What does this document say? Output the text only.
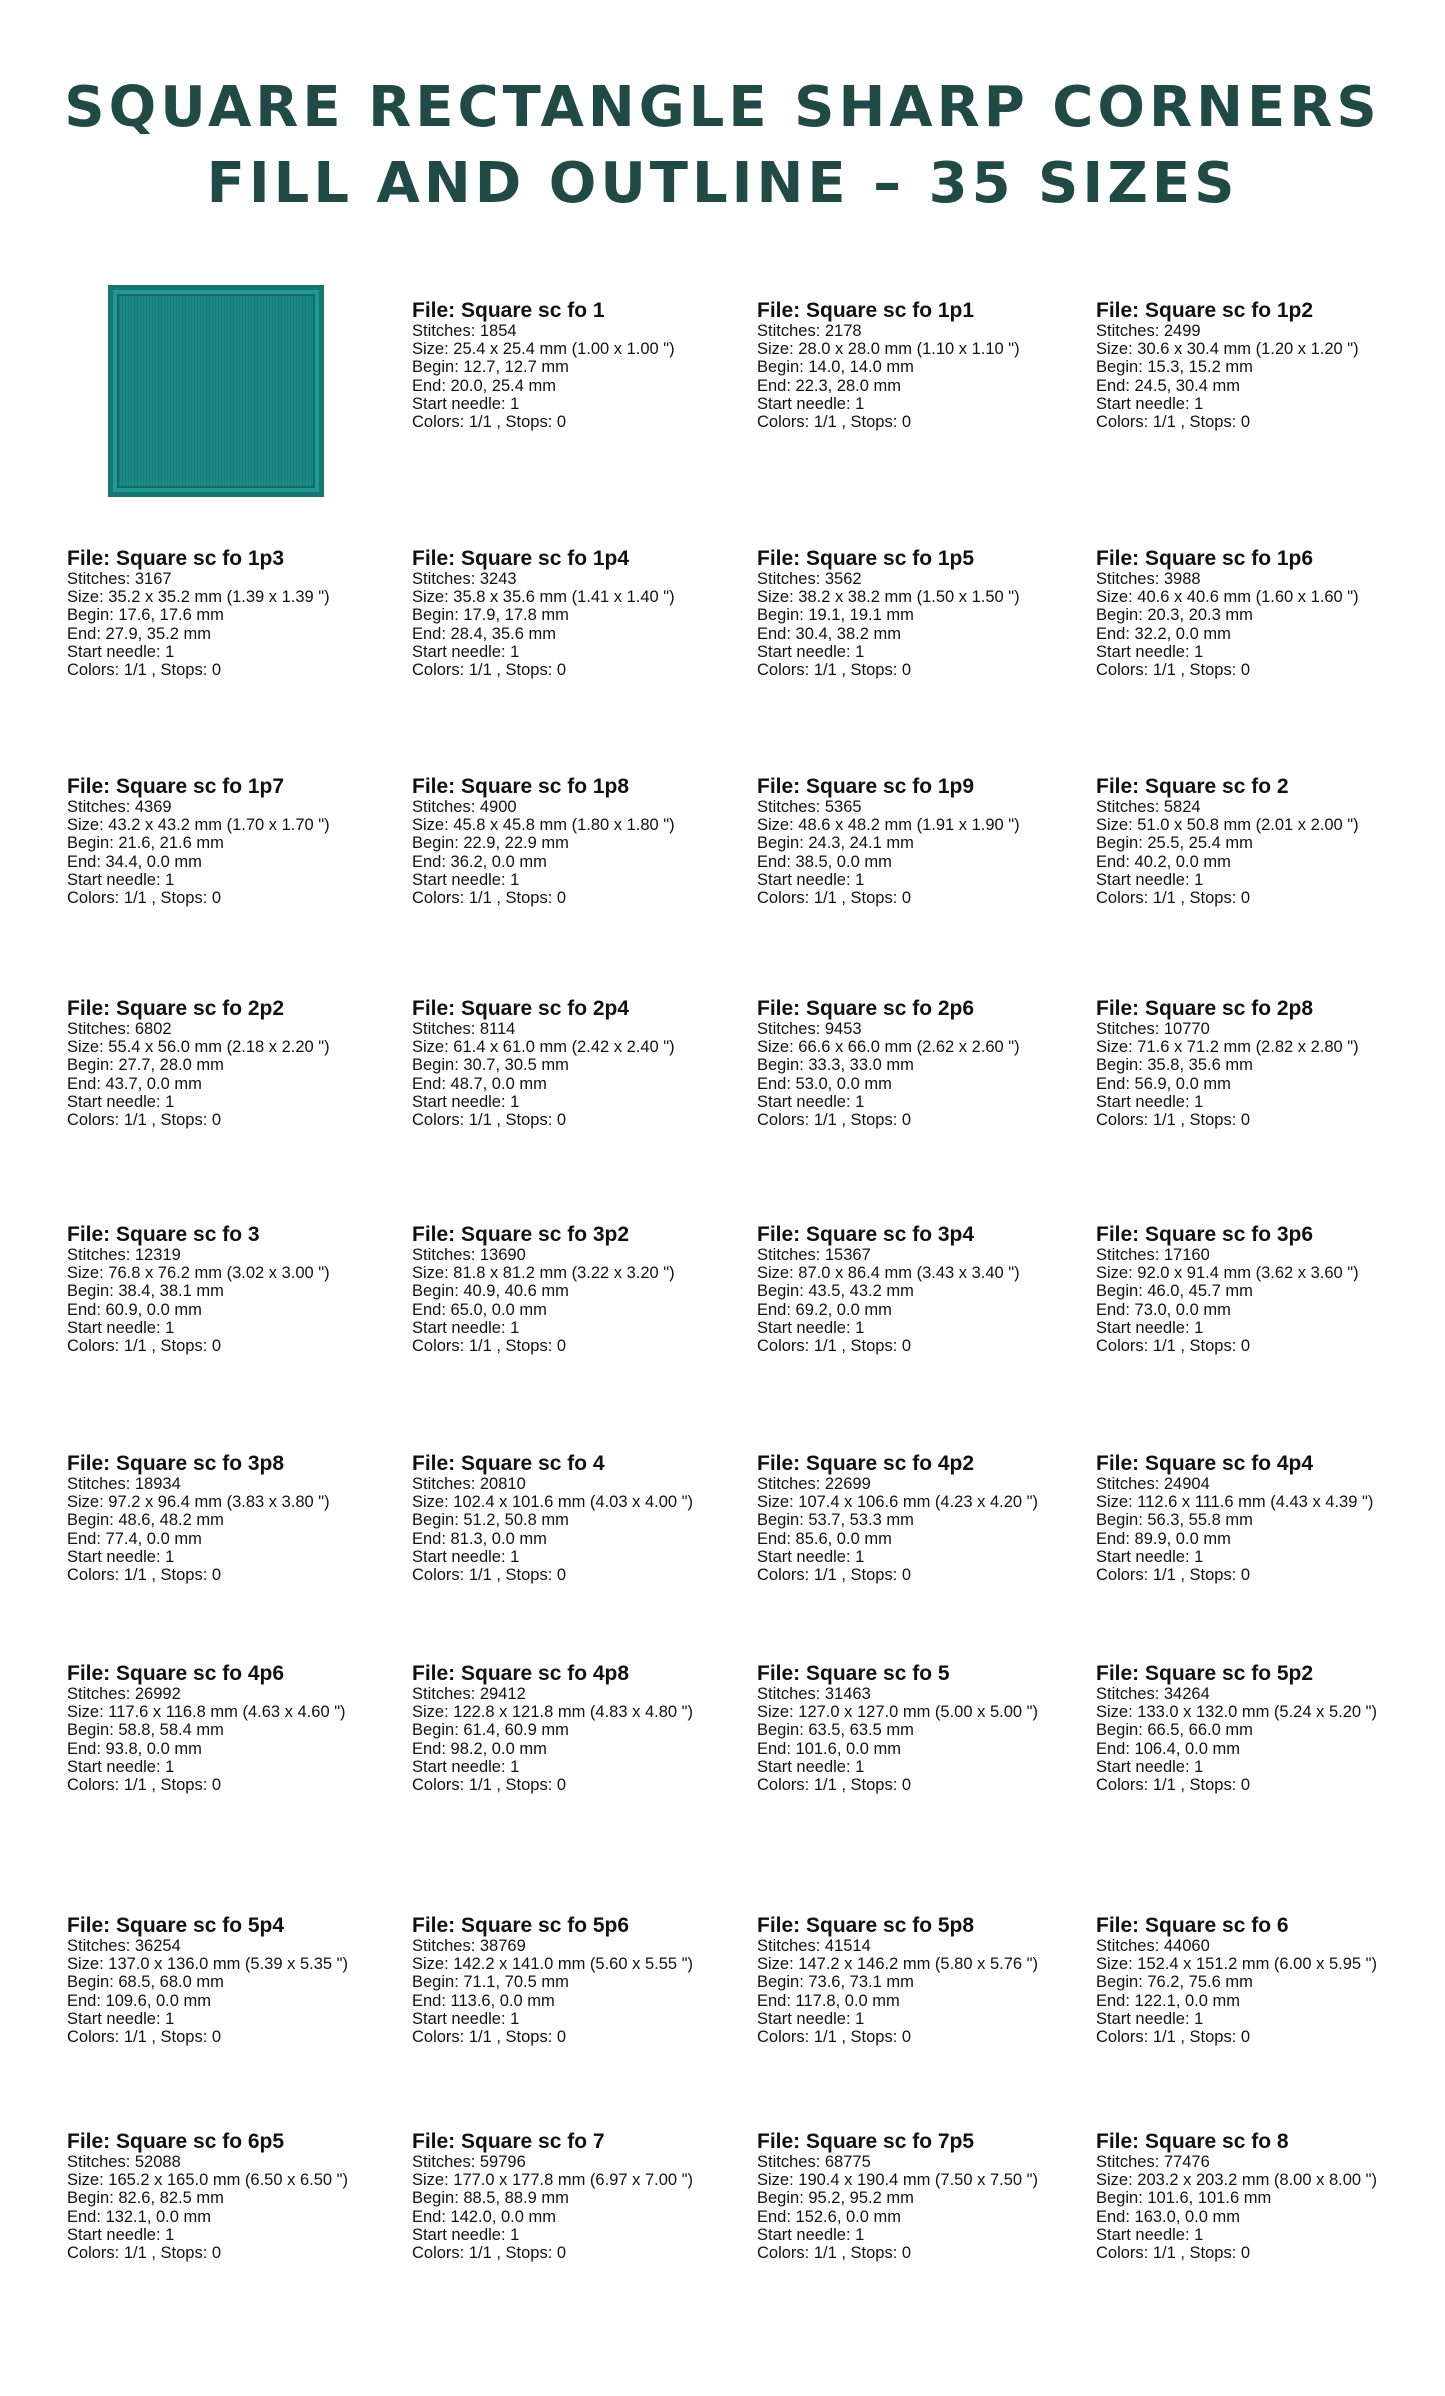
SQUARE RECTANGLE SHARP CORNERS
FILL AND OUTLINE – 35 SIZES
File: Square sc fo 1
Stitches: 1854
Size: 25.4 x 25.4 mm (1.00 x 1.00 ")
Begin: 12.7, 12.7 mm
End: 20.0, 25.4 mm
Start needle: 1
Colors: 1/1 , Stops: 0
File: Square sc fo 1p1
Stitches: 2178
Size: 28.0 x 28.0 mm (1.10 x 1.10 ")
Begin: 14.0, 14.0 mm
End: 22.3, 28.0 mm
Start needle: 1
Colors: 1/1 , Stops: 0
File: Square sc fo 1p2
Stitches: 2499
Size: 30.6 x 30.4 mm (1.20 x 1.20 ")
Begin: 15.3, 15.2 mm
End: 24.5, 30.4 mm
Start needle: 1
Colors: 1/1 , Stops: 0
File: Square sc fo 1p3
Stitches: 3167
Size: 35.2 x 35.2 mm (1.39 x 1.39 ")
Begin: 17.6, 17.6 mm
End: 27.9, 35.2 mm
Start needle: 1
Colors: 1/1 , Stops: 0
File: Square sc fo 1p4
Stitches: 3243
Size: 35.8 x 35.6 mm (1.41 x 1.40 ")
Begin: 17.9, 17.8 mm
End: 28.4, 35.6 mm
Start needle: 1
Colors: 1/1 , Stops: 0
File: Square sc fo 1p5
Stitches: 3562
Size: 38.2 x 38.2 mm (1.50 x 1.50 ")
Begin: 19.1, 19.1 mm
End: 30.4, 38.2 mm
Start needle: 1
Colors: 1/1 , Stops: 0
File: Square sc fo 1p6
Stitches: 3988
Size: 40.6 x 40.6 mm (1.60 x 1.60 ")
Begin: 20.3, 20.3 mm
End: 32.2, 0.0 mm
Start needle: 1
Colors: 1/1 , Stops: 0
File: Square sc fo 1p7
Stitches: 4369
Size: 43.2 x 43.2 mm (1.70 x 1.70 ")
Begin: 21.6, 21.6 mm
End: 34.4, 0.0 mm
Start needle: 1
Colors: 1/1 , Stops: 0
File: Square sc fo 1p8
Stitches: 4900
Size: 45.8 x 45.8 mm (1.80 x 1.80 ")
Begin: 22.9, 22.9 mm
End: 36.2, 0.0 mm
Start needle: 1
Colors: 1/1 , Stops: 0
File: Square sc fo 1p9
Stitches: 5365
Size: 48.6 x 48.2 mm (1.91 x 1.90 ")
Begin: 24.3, 24.1 mm
End: 38.5, 0.0 mm
Start needle: 1
Colors: 1/1 , Stops: 0
File: Square sc fo 2
Stitches: 5824
Size: 51.0 x 50.8 mm (2.01 x 2.00 ")
Begin: 25.5, 25.4 mm
End: 40.2, 0.0 mm
Start needle: 1
Colors: 1/1 , Stops: 0
File: Square sc fo 2p2
Stitches: 6802
Size: 55.4 x 56.0 mm (2.18 x 2.20 ")
Begin: 27.7, 28.0 mm
End: 43.7, 0.0 mm
Start needle: 1
Colors: 1/1 , Stops: 0
File: Square sc fo 2p4
Stitches: 8114
Size: 61.4 x 61.0 mm (2.42 x 2.40 ")
Begin: 30.7, 30.5 mm
End: 48.7, 0.0 mm
Start needle: 1
Colors: 1/1 , Stops: 0
File: Square sc fo 2p6
Stitches: 9453
Size: 66.6 x 66.0 mm (2.62 x 2.60 ")
Begin: 33.3, 33.0 mm
End: 53.0, 0.0 mm
Start needle: 1
Colors: 1/1 , Stops: 0
File: Square sc fo 2p8
Stitches: 10770
Size: 71.6 x 71.2 mm (2.82 x 2.80 ")
Begin: 35.8, 35.6 mm
End: 56.9, 0.0 mm
Start needle: 1
Colors: 1/1 , Stops: 0
File: Square sc fo 3
Stitches: 12319
Size: 76.8 x 76.2 mm (3.02 x 3.00 ")
Begin: 38.4, 38.1 mm
End: 60.9, 0.0 mm
Start needle: 1
Colors: 1/1 , Stops: 0
File: Square sc fo 3p2
Stitches: 13690
Size: 81.8 x 81.2 mm (3.22 x 3.20 ")
Begin: 40.9, 40.6 mm
End: 65.0, 0.0 mm
Start needle: 1
Colors: 1/1 , Stops: 0
File: Square sc fo 3p4
Stitches: 15367
Size: 87.0 x 86.4 mm (3.43 x 3.40 ")
Begin: 43.5, 43.2 mm
End: 69.2, 0.0 mm
Start needle: 1
Colors: 1/1 , Stops: 0
File: Square sc fo 3p6
Stitches: 17160
Size: 92.0 x 91.4 mm (3.62 x 3.60 ")
Begin: 46.0, 45.7 mm
End: 73.0, 0.0 mm
Start needle: 1
Colors: 1/1 , Stops: 0
File: Square sc fo 3p8
Stitches: 18934
Size: 97.2 x 96.4 mm (3.83 x 3.80 ")
Begin: 48.6, 48.2 mm
End: 77.4, 0.0 mm
Start needle: 1
Colors: 1/1 , Stops: 0
File: Square sc fo 4
Stitches: 20810
Size: 102.4 x 101.6 mm (4.03 x 4.00 ")
Begin: 51.2, 50.8 mm
End: 81.3, 0.0 mm
Start needle: 1
Colors: 1/1 , Stops: 0
File: Square sc fo 4p2
Stitches: 22699
Size: 107.4 x 106.6 mm (4.23 x 4.20 ")
Begin: 53.7, 53.3 mm
End: 85.6, 0.0 mm
Start needle: 1
Colors: 1/1 , Stops: 0
File: Square sc fo 4p4
Stitches: 24904
Size: 112.6 x 111.6 mm (4.43 x 4.39 ")
Begin: 56.3, 55.8 mm
End: 89.9, 0.0 mm
Start needle: 1
Colors: 1/1 , Stops: 0
File: Square sc fo 4p6
Stitches: 26992
Size: 117.6 x 116.8 mm (4.63 x 4.60 ")
Begin: 58.8, 58.4 mm
End: 93.8, 0.0 mm
Start needle: 1
Colors: 1/1 , Stops: 0
File: Square sc fo 4p8
Stitches: 29412
Size: 122.8 x 121.8 mm (4.83 x 4.80 ")
Begin: 61.4, 60.9 mm
End: 98.2, 0.0 mm
Start needle: 1
Colors: 1/1 , Stops: 0
File: Square sc fo 5
Stitches: 31463
Size: 127.0 x 127.0 mm (5.00 x 5.00 ")
Begin: 63.5, 63.5 mm
End: 101.6, 0.0 mm
Start needle: 1
Colors: 1/1 , Stops: 0
File: Square sc fo 5p2
Stitches: 34264
Size: 133.0 x 132.0 mm (5.24 x 5.20 ")
Begin: 66.5, 66.0 mm
End: 106.4, 0.0 mm
Start needle: 1
Colors: 1/1 , Stops: 0
File: Square sc fo 5p4
Stitches: 36254
Size: 137.0 x 136.0 mm (5.39 x 5.35 ")
Begin: 68.5, 68.0 mm
End: 109.6, 0.0 mm
Start needle: 1
Colors: 1/1 , Stops: 0
File: Square sc fo 5p6
Stitches: 38769
Size: 142.2 x 141.0 mm (5.60 x 5.55 ")
Begin: 71.1, 70.5 mm
End: 113.6, 0.0 mm
Start needle: 1
Colors: 1/1 , Stops: 0
File: Square sc fo 5p8
Stitches: 41514
Size: 147.2 x 146.2 mm (5.80 x 5.76 ")
Begin: 73.6, 73.1 mm
End: 117.8, 0.0 mm
Start needle: 1
Colors: 1/1 , Stops: 0
File: Square sc fo 6
Stitches: 44060
Size: 152.4 x 151.2 mm (6.00 x 5.95 ")
Begin: 76.2, 75.6 mm
End: 122.1, 0.0 mm
Start needle: 1
Colors: 1/1 , Stops: 0
File: Square sc fo 6p5
Stitches: 52088
Size: 165.2 x 165.0 mm (6.50 x 6.50 ")
Begin: 82.6, 82.5 mm
End: 132.1, 0.0 mm
Start needle: 1
Colors: 1/1 , Stops: 0
File: Square sc fo 7
Stitches: 59796
Size: 177.0 x 177.8 mm (6.97 x 7.00 ")
Begin: 88.5, 88.9 mm
End: 142.0, 0.0 mm
Start needle: 1
Colors: 1/1 , Stops: 0
File: Square sc fo 7p5
Stitches: 68775
Size: 190.4 x 190.4 mm (7.50 x 7.50 ")
Begin: 95.2, 95.2 mm
End: 152.6, 0.0 mm
Start needle: 1
Colors: 1/1 , Stops: 0
File: Square sc fo 8
Stitches: 77476
Size: 203.2 x 203.2 mm (8.00 x 8.00 ")
Begin: 101.6, 101.6 mm
End: 163.0, 0.0 mm
Start needle: 1
Colors: 1/1 , Stops: 0
